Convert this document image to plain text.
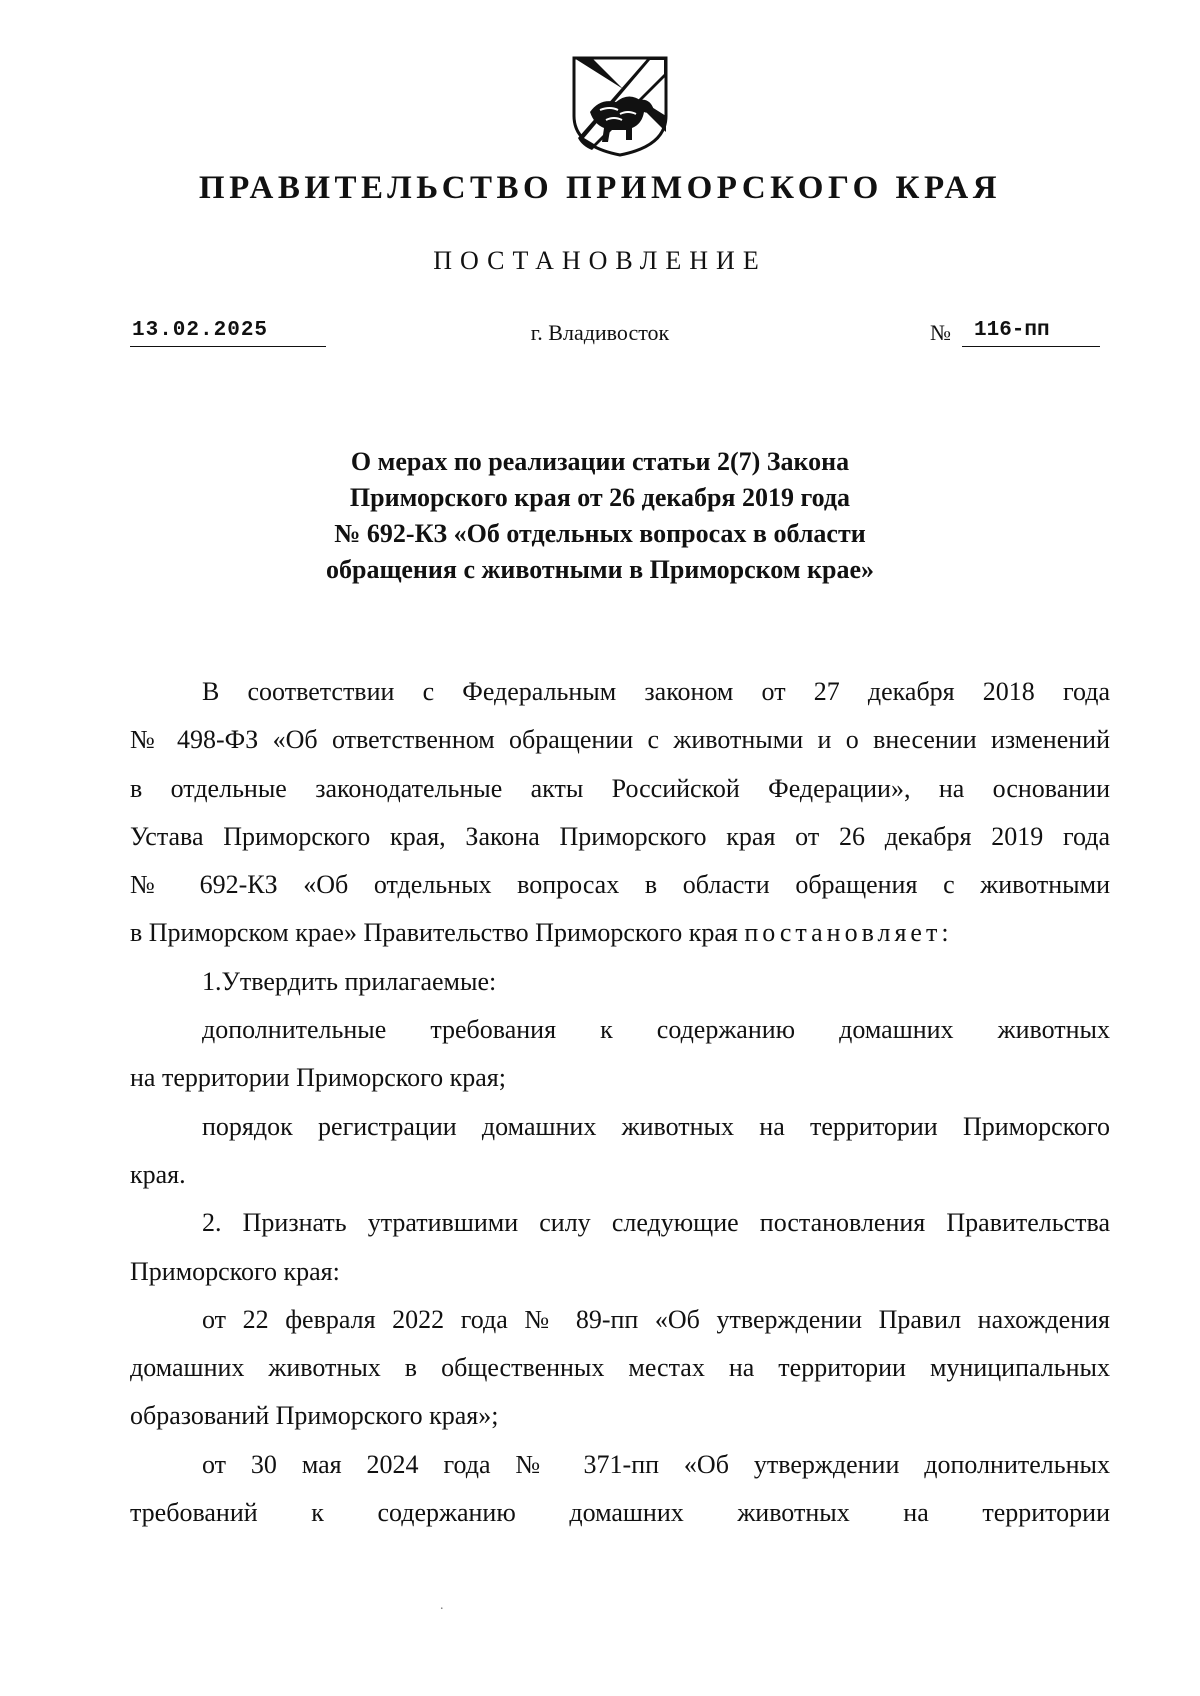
ПРАВИТЕЛЬСТВО ПРИМОРСКОГО КРАЯ
ПОСТАНОВЛЕНИЕ
13.02.2025	г. Владивосток	№	116-пп
О мерах по реализации статьи 2(7) Закона
Приморского края от 26 декабря 2019 года
№ 692-КЗ «Об отдельных вопросах в области
обращения с животными в Приморском крае»
В соответствии с Федеральным законом от 27 декабря 2018 года
№ 498-ФЗ «Об ответственном обращении с животными и о внесении изменений
в отдельные законодательные акты Российской Федерации», на основании
Устава Приморского края, Закона Приморского края от 26 декабря 2019 года
№ 692-КЗ «Об отдельных вопросах в области обращения с животными
в Приморском крае» Правительство Приморского края постановляет:
1.Утвердить прилагаемые:
дополнительные требования к содержанию домашних животных
на территории Приморского края;
порядок регистрации домашних животных на территории Приморского
края.
2. Признать утратившими силу следующие постановления Правительства
Приморского края:
от 22 февраля 2022 года № 89-пп «Об утверждении Правил нахождения
домашних животных в общественных местах на территории муниципальных
образований Приморского края»;
от 30 мая 2024 года № 371-пп «Об утверждении дополнительных
требований к содержанию домашних животных на территории
.
